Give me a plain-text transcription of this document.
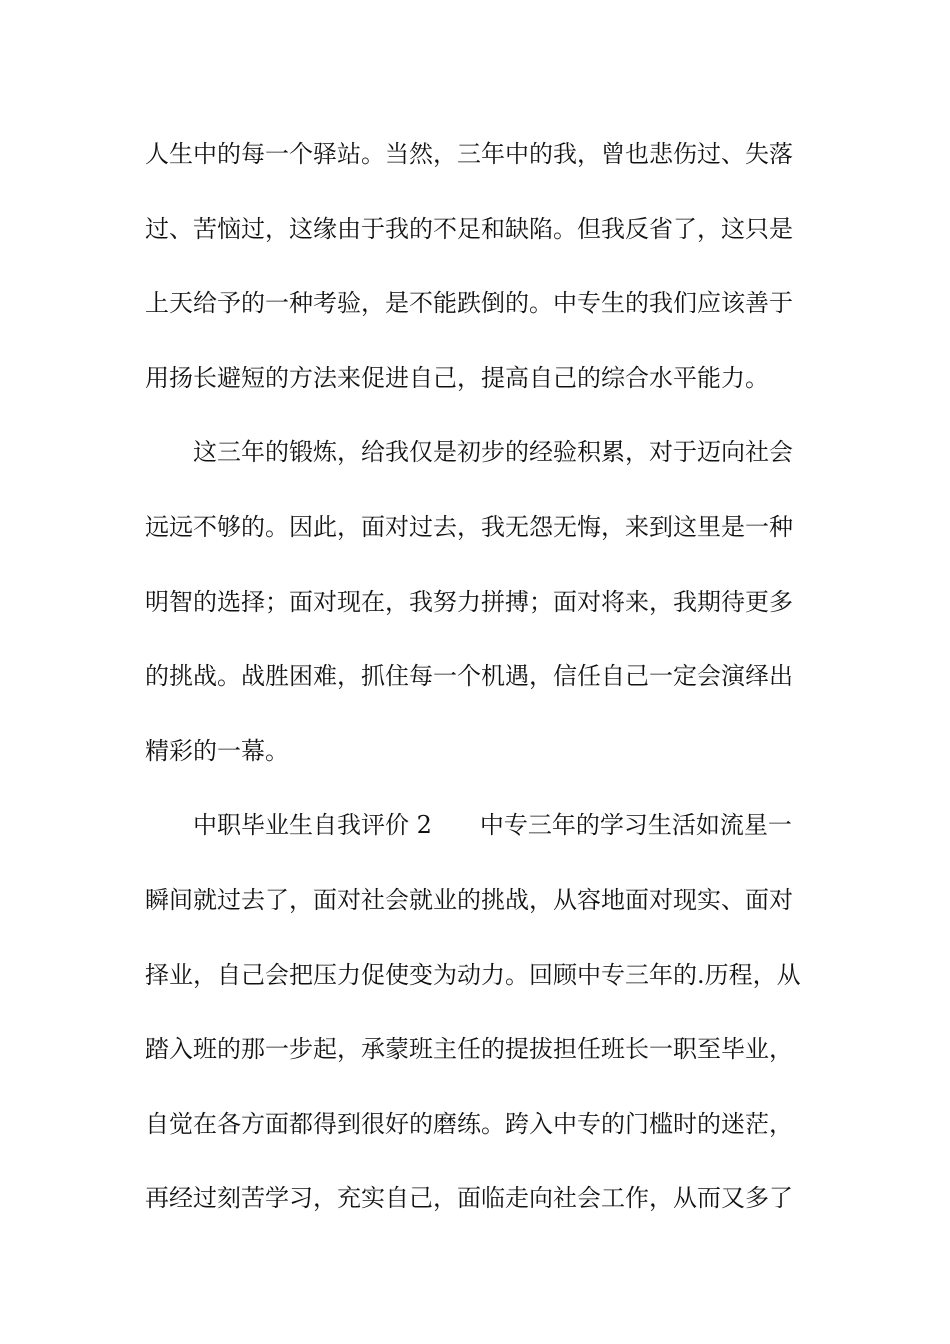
人生中的每一个驿站。当然，三年中的我，曾也悲伤过、失落
过、苦恼过，这缘由于我的不足和缺陷。但我反省了，这只是
上天给予的一种考验，是不能跌倒的。中专生的我们应该善于
用扬长避短的方法来促进自己，提高自己的综合水平能力。
这三年的锻炼，给我仅是初步的经验积累，对于迈向社会
远远不够的。因此，面对过去，我无怨无悔，来到这里是一种
明智的选择；面对现在，我努力拼搏；面对将来，我期待更多
的挑战。战胜困难，抓住每一个机遇，信任自己一定会演绎出
精彩的一幕。
中职毕业生自我评价 2 中专三年的学习生活如流星一
瞬间就过去了，面对社会就业的挑战，从容地面对现实、面对
择业，自己会把压力促使变为动力。回顾中专三年的.历程，从
踏入班的那一步起，承蒙班主任的提拔担任班长一职至毕业，
自觉在各方面都得到很好的磨练。跨入中专的门槛时的迷茫，
再经过刻苦学习，充实自己，面临走向社会工作，从而又多了
